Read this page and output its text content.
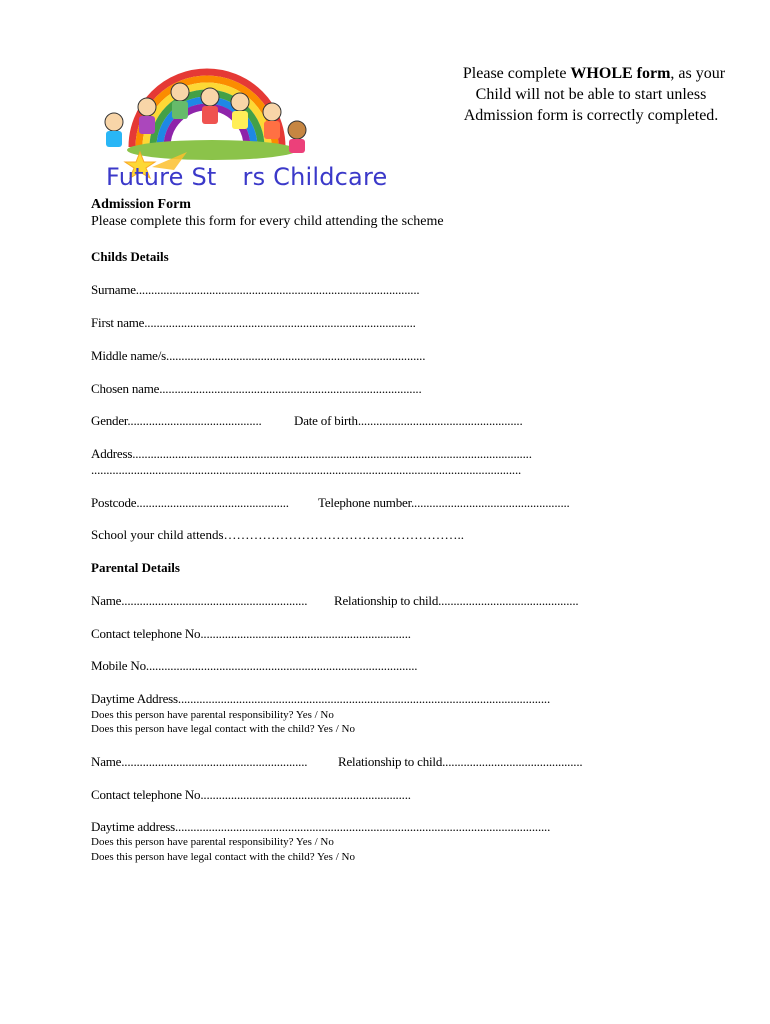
Future St rs Childcare
Please complete WHOLE form, as your
Child will not be able to start unless
Admission form is correctly completed.
Admission Form
Please complete this form for every child attending the scheme
Childs Details
Surname.............................................................................................
First name.........................................................................................
Middle name/s.....................................................................................
Chosen name......................................................................................
Gender............................................ Date of birth......................................................
Address...................................................................................................................................
.............................................................................................................................................
Postcode.................................................. Telephone number....................................................
School your child attends………………………………………………..
Parental Details
Name............................................................. Relationship to child..............................................
Contact telephone No.....................................................................
Mobile No.........................................................................................
Daytime Address..........................................................................................................................
Does this person have parental responsibility? Yes / No
Does this person have legal contact with the child? Yes / No
Name............................................................. Relationship to child..............................................
Contact telephone No.....................................................................
Daytime address...........................................................................................................................
Does this person have parental responsibility? Yes / No
Does this person have legal contact with the child? Yes / No
